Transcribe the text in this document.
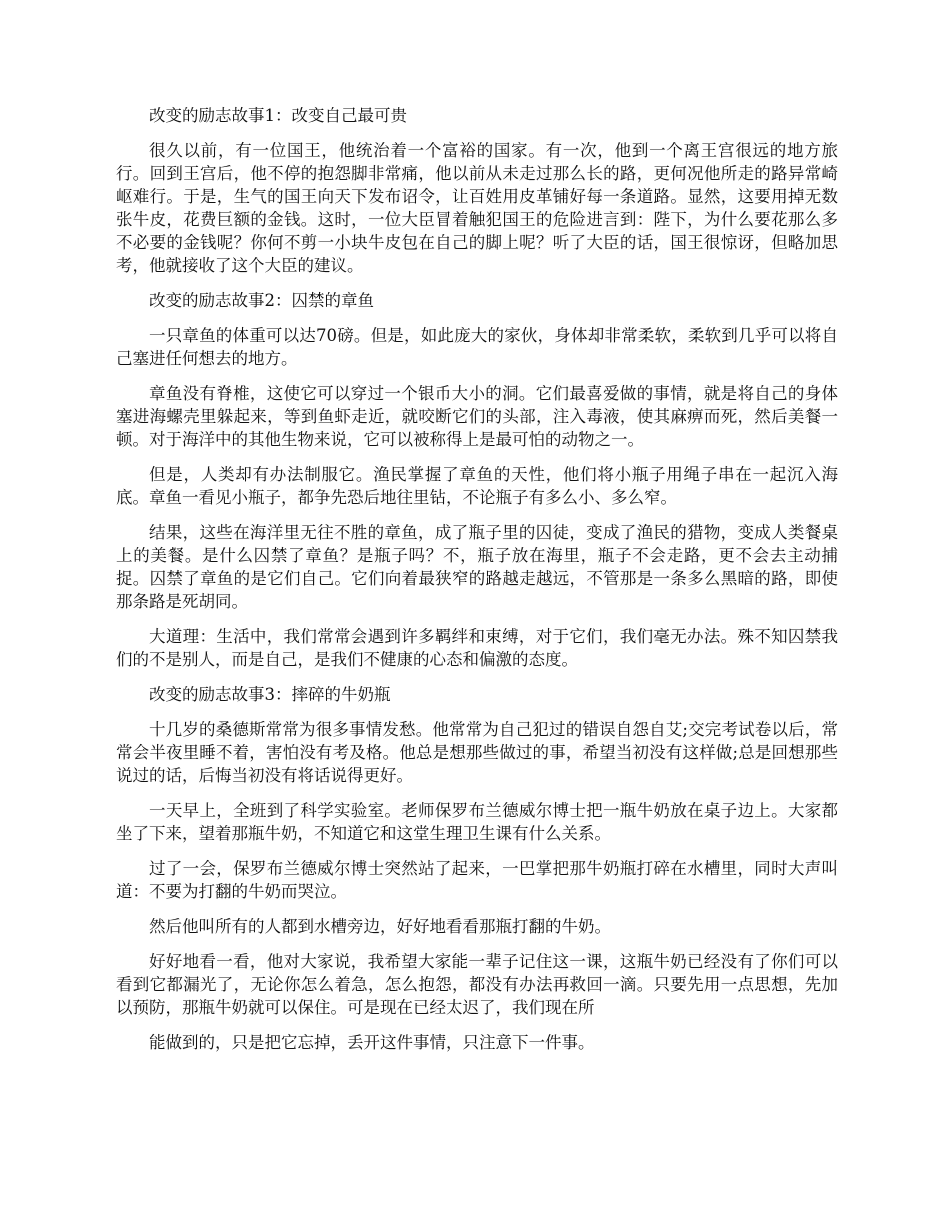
改变的励志故事1：改变自己最可贵

很久以前，有一位国王，他统治着一个富裕的国家。有一次，他到一个离王宫很远的地方旅行。回到王宫后，他不停的抱怨脚非常痛，他以前从未走过那么长的路，更何况他所走的路异常崎岖难行。于是，生气的国王向天下发布诏令，让百姓用皮革铺好每一条道路。显然，这要用掉无数张牛皮，花费巨额的金钱。这时，一位大臣冒着触犯国王的危险进言到：陛下，为什么要花那么多不必要的金钱呢？你何不剪一小块牛皮包在自己的脚上呢？听了大臣的话，国王很惊讶，但略加思考，他就接收了这个大臣的建议。

改变的励志故事2：囚禁的章鱼

一只章鱼的体重可以达70磅。但是，如此庞大的家伙，身体却非常柔软，柔软到几乎可以将自己塞进任何想去的地方。

章鱼没有脊椎，这使它可以穿过一个银币大小的洞。它们最喜爱做的事情，就是将自己的身体塞进海螺壳里躲起来，等到鱼虾走近，就咬断它们的头部，注入毒液，使其麻痹而死，然后美餐一顿。对于海洋中的其他生物来说，它可以被称得上是最可怕的动物之一。

但是，人类却有办法制服它。渔民掌握了章鱼的天性，他们将小瓶子用绳子串在一起沉入海底。章鱼一看见小瓶子，都争先恐后地往里钻，不论瓶子有多么小、多么窄。

结果，这些在海洋里无往不胜的章鱼，成了瓶子里的囚徒，变成了渔民的猎物，变成人类餐桌上的美餐。是什么囚禁了章鱼？是瓶子吗？不，瓶子放在海里，瓶子不会走路，更不会去主动捕捉。囚禁了章鱼的是它们自己。它们向着最狭窄的路越走越远，不管那是一条多么黑暗的路，即使那条路是死胡同。

大道理：生活中，我们常常会遇到许多羁绊和束缚，对于它们，我们毫无办法。殊不知囚禁我们的不是别人，而是自己，是我们不健康的心态和偏激的态度。

改变的励志故事3：摔碎的牛奶瓶

十几岁的桑德斯常常为很多事情发愁。他常常为自己犯过的错误自怨自艾;交完考试卷以后，常常会半夜里睡不着，害怕没有考及格。他总是想那些做过的事，希望当初没有这样做;总是回想那些说过的话，后悔当初没有将话说得更好。

一天早上，全班到了科学实验室。老师保罗布兰德威尔博士把一瓶牛奶放在桌子边上。大家都坐了下来，望着那瓶牛奶，不知道它和这堂生理卫生课有什么关系。

过了一会，保罗布兰德威尔博士突然站了起来，一巴掌把那牛奶瓶打碎在水槽里，同时大声叫道：不要为打翻的牛奶而哭泣。

然后他叫所有的人都到水槽旁边，好好地看看那瓶打翻的牛奶。

好好地看一看，他对大家说，我希望大家能一辈子记住这一课，这瓶牛奶已经没有了你们可以看到它都漏光了，无论你怎么着急，怎么抱怨，都没有办法再救回一滴。只要先用一点思想，先加以预防，那瓶牛奶就可以保住。可是现在已经太迟了，我们现在所

能做到的，只是把它忘掉，丢开这件事情，只注意下一件事。
